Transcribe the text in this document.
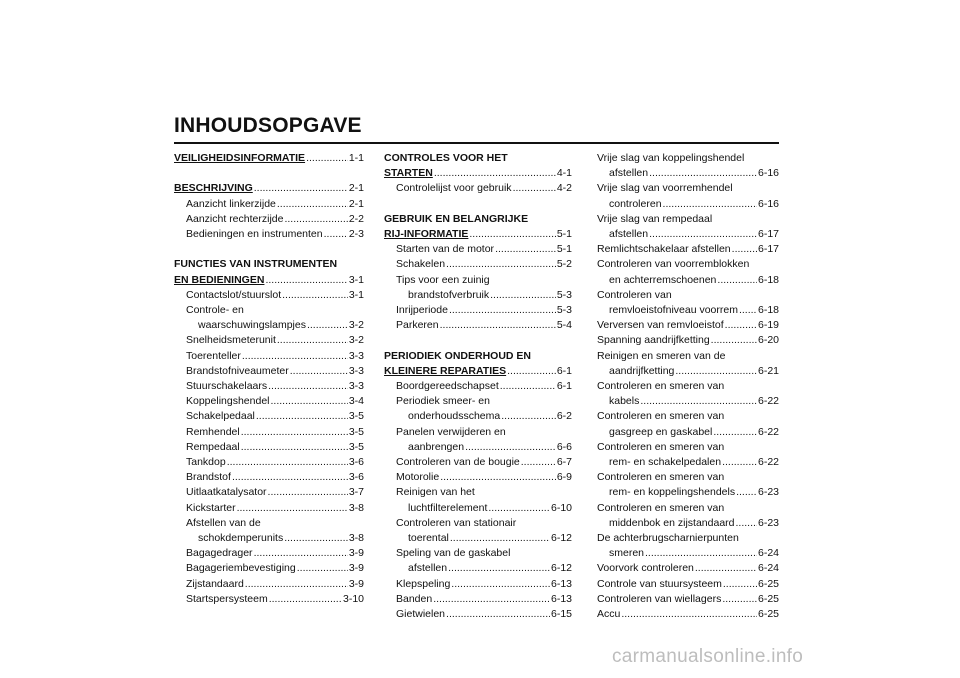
INHOUDSOPGAVE
VEILIGHEIDSINFORMATIE .....	1-1
BESCHRIJVING .....	2-1
Aanzicht linkerzijde .....	2-1
Aanzicht rechterzijde .....	2-2
Bedieningen en instrumenten ..... 2-3
FUNCTIES VAN INSTRUMENTEN
EN BEDIENINGEN .....	3-1
Contactslot/stuurslot .....	3-1
Controle- en
waarschuwingslampjes .....	3-2
Snelheidsmeterunit .....	3-2
Toerenteller .....	3-3
Brandstofniveaumeter .....	3-3
Stuurschakelaars .....	3-3
Koppelingshendel .....	3-4
Schakelpedaal .....	3-5
Remhendel .....	3-5
Rempedaal .....	3-5
Tankdop .....	3-6
Brandstof .....	3-6
Uitlaatkatalysator .....	3-7
Kickstarter .....	3-8
Afstellen van de
schokdemperunits .....	3-8
Bagagedrager .....	3-9
Bagageriembevestiging .....	3-9
Zijstandaard .....	3-9
Startspersysteem .....	3-10
CONTROLES VOOR HET
STARTEN .....	4-1
Controlelijst voor gebruik .....	4-2
GEBRUIK EN BELANGRIJKE
RIJ-INFORMATIE .....	5-1
Starten van de motor .....	5-1
Schakelen .....	5-2
Tips voor een zuinig
brandstofverbruik .....	5-3
Inrijperiode .....	5-3
Parkeren .....	5-4
PERIODIEK ONDERHOUD EN
KLEINERE REPARATIES .....	6-1
Boordgereedschapset .....	6-1
Periodiek smeer- en
onderhoudsschema .....	6-2
Panelen verwijderen en
aanbrengen .....	6-6
Controleren van de bougie .....	6-7
Motorolie .....	6-9
Reinigen van het
luchtfilterelement .....	6-10
Controleren van stationair
toerental .....	6-12
Speling van de gaskabel
afstellen .....	6-12
Klepspeling .....	6-13
Banden .....	6-13
Gietwielen .....	6-15
Vrije slag van koppelingshendel
afstellen .....	6-16
Vrije slag van voorremhendel
controleren .....	6-16
Vrije slag van rempedaal
afstellen .....	6-17
Remlichtschakelaar afstellen .....	6-17
Controleren van voorremblokken
en achterremschoenen .....	6-18
Controleren van
remvloeistofniveau voorrem ..... 6-18
Verversen van remvloeistof .....	6-19
Spanning aandrijfketting .....	6-20
Reinigen en smeren van de
aandrijfketting .....	6-21
Controleren en smeren van
kabels .....	6-22
Controleren en smeren van
gasgreep en gaskabel .....	6-22
Controleren en smeren van
rem- en schakelpedalen .....	6-22
Controleren en smeren van
rem- en koppelingshendels ..... 6-23
Controleren en smeren van
middenbok en zijstandaard ..... 6-23
De achterbrugscharnierpunten
smeren .....	6-24
Voorvork controleren .....	6-24
Controle van stuursysteem .....	6-25
Controleren van wiellagers .....	6-25
Accu .....	6-25
carmanualsonline.info
